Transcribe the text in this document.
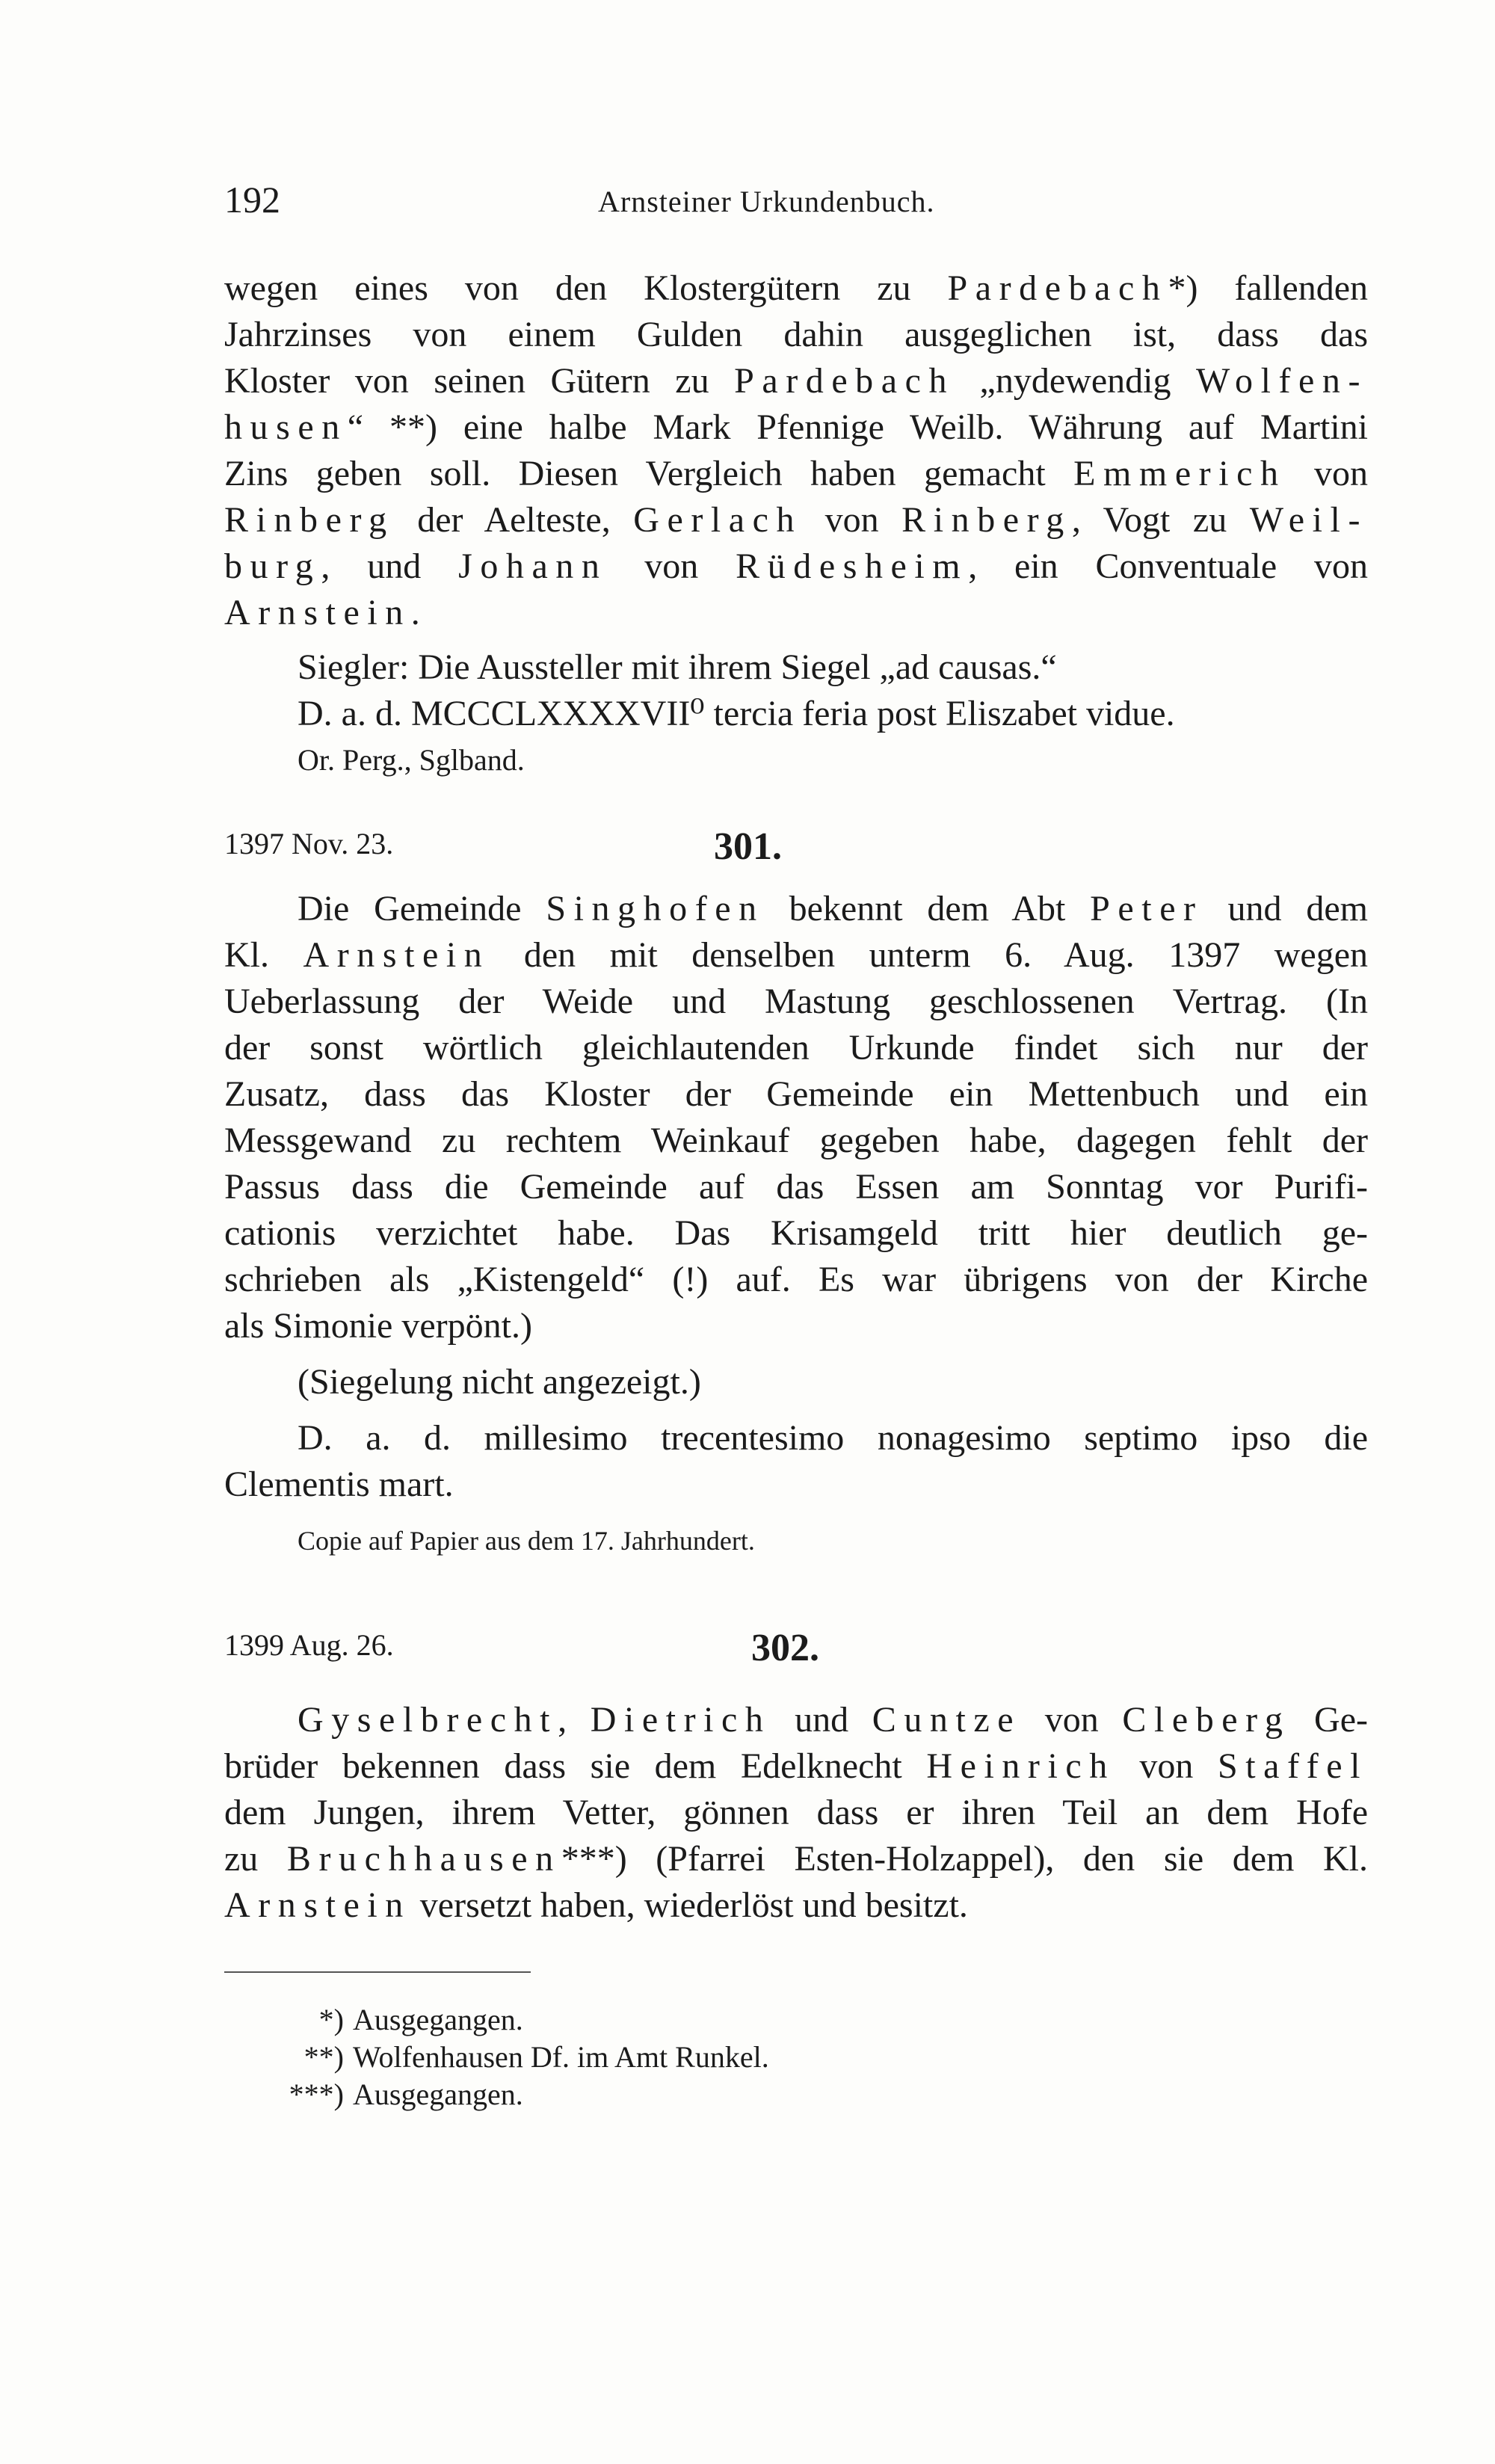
192	Arnsteiner Urkundenbuch.
wegen eines von den Klostergütern zu Pardebach*) fallenden
Jahrzinses von einem Gulden dahin ausgeglichen ist, dass das
Kloster von seinen Gütern zu Pardebach „nydewendig Wolfen-
husen“ **) eine halbe Mark Pfennige Weilb. Währung auf Martini
Zins geben soll. Diesen Vergleich haben gemacht Emmerich von
Rinberg der Aelteste, Gerlach von Rinberg, Vogt zu Weil-
burg, und Johann von Rüdesheim, ein Conventuale von
Arnstein.
Siegler: Die Aussteller mit ihrem Siegel „ad causas.“
D. a. d. MCCCLXXXXVII⁰ tercia feria post Eliszabet vidue.
Or. Perg., Sglband.
1397 Nov. 23.	301.
Die Gemeinde Singhofen bekennt dem Abt Peter und dem
Kl. Arnstein den mit denselben unterm 6. Aug. 1397 wegen
Ueberlassung der Weide und Mastung geschlossenen Vertrag. (In
der sonst wörtlich gleichlautenden Urkunde findet sich nur der
Zusatz, dass das Kloster der Gemeinde ein Mettenbuch und ein
Messgewand zu rechtem Weinkauf gegeben habe, dagegen fehlt der
Passus dass die Gemeinde auf das Essen am Sonntag vor Purifi-
cationis verzichtet habe. Das Krisamgeld tritt hier deutlich ge-
schrieben als „Kistengeld“ (!) auf. Es war übrigens von der Kirche
als Simonie verpönt.)
(Siegelung nicht angezeigt.)
D. a. d. millesimo trecentesimo nonagesimo septimo ipso die
Clementis mart.
Copie auf Papier aus dem 17. Jahrhundert.
1399 Aug. 26.	302.
Gyselbrecht, Dietrich und Cuntze von Cleberg Ge-
brüder bekennen dass sie dem Edelknecht Heinrich von Staffel
dem Jungen, ihrem Vetter, gönnen dass er ihren Teil an dem Hofe
zu Bruchhausen***) (Pfarrei Esten-Holzappel), den sie dem Kl.
Arnstein versetzt haben, wiederlöst und besitzt.
*) Ausgegangen.
**) Wolfenhausen Df. im Amt Runkel.
***) Ausgegangen.
